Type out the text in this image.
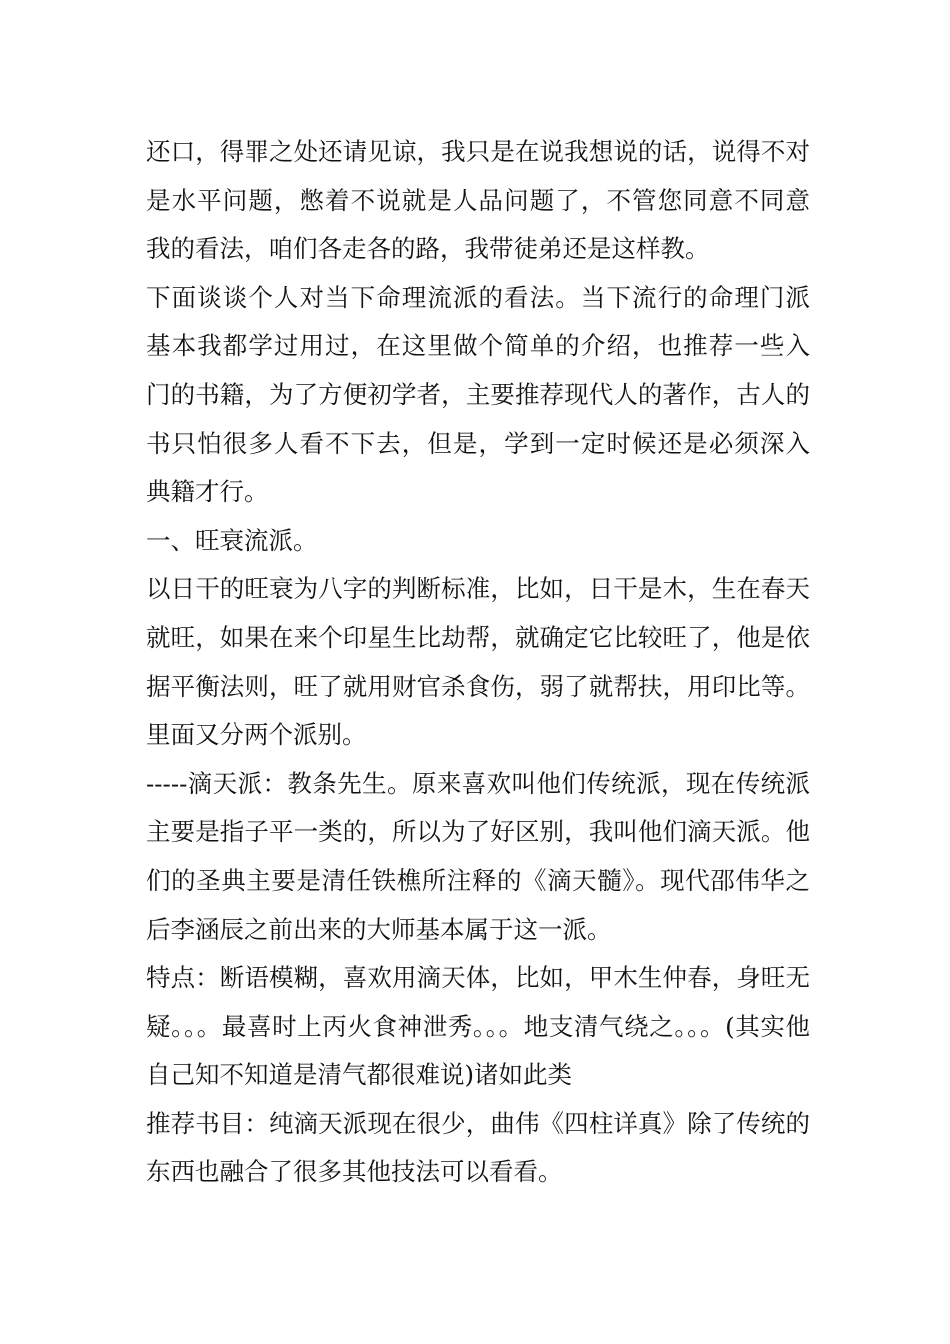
还口，得罪之处还请见谅，我只是在说我想说的话，说得不对
是水平问题，憋着不说就是人品问题了，不管您同意不同意
我的看法，咱们各走各的路，我带徒弟还是这样教。
下面谈谈个人对当下命理流派的看法。当下流行的命理门派
基本我都学过用过，在这里做个简单的介绍，也推荐一些入
门的书籍，为了方便初学者，主要推荐现代人的著作，古人的
书只怕很多人看不下去，但是，学到一定时候还是必须深入
典籍才行。
一、旺衰流派。
以日干的旺衰为八字的判断标准，比如，日干是木，生在春天
就旺，如果在来个印星生比劫帮，就确定它比较旺了，他是依
据平衡法则，旺了就用财官杀食伤，弱了就帮扶，用印比等。
里面又分两个派别。
-----滴天派：教条先生。原来喜欢叫他们传统派，现在传统派
主要是指子平一类的，所以为了好区别，我叫他们滴天派。他
们的圣典主要是清任铁樵所注释的《滴天髓》。现代邵伟华之
后李涵辰之前出来的大师基本属于这一派。
特点：断语模糊，喜欢用滴天体，比如，甲木生仲春，身旺无
疑。。。最喜时上丙火食神泄秀。。。地支清气绕之。。。(其实他
自己知不知道是清气都很难说)诸如此类
推荐书目：纯滴天派现在很少，曲伟《四柱详真》除了传统的
东西也融合了很多其他技法可以看看。
